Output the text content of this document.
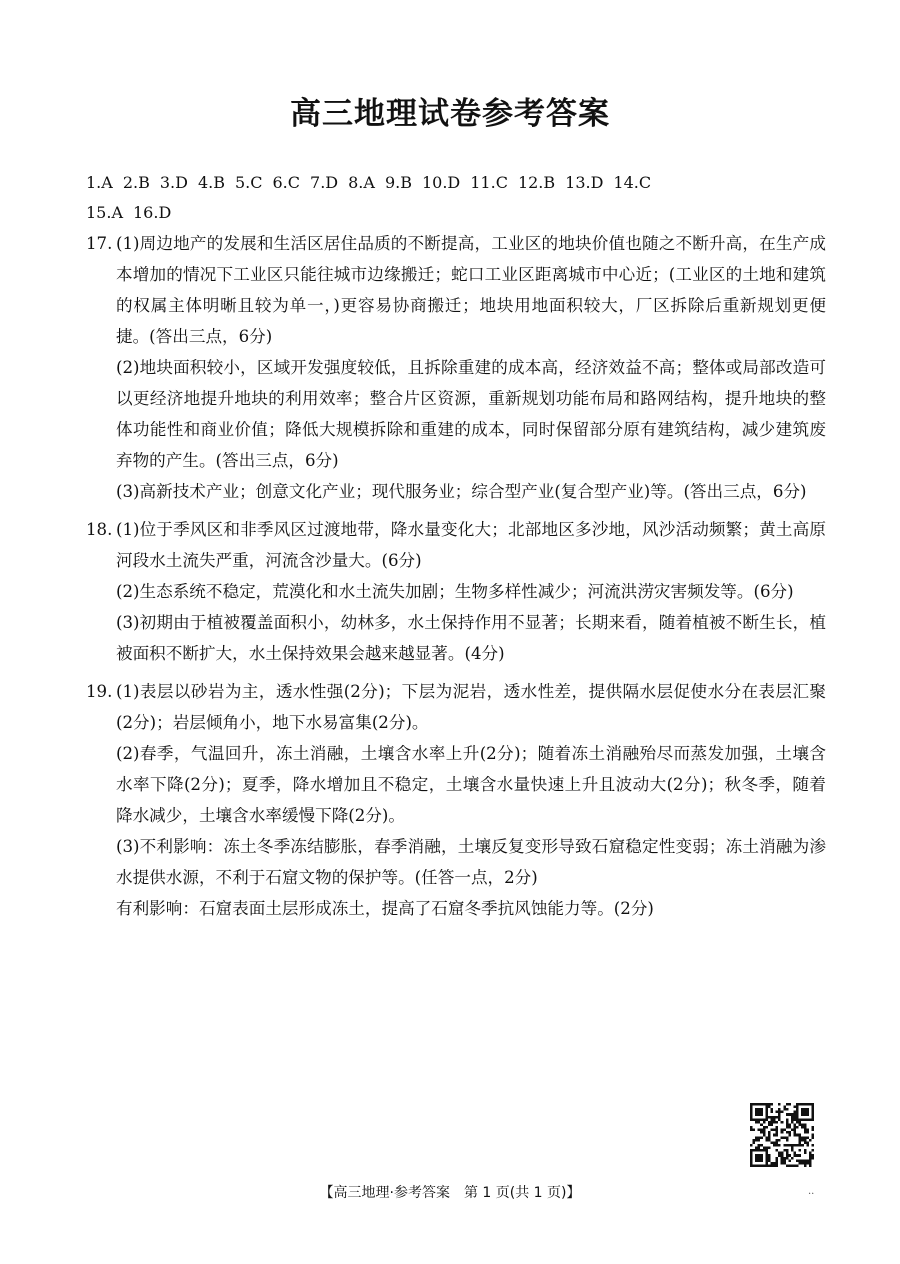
高三地理试卷参考答案
1.A 2.B 3.D 4.B 5.C 6.C 7.D 8.A 9.B 10.D 11.C 12.B 13.D 14.C
15.A 16.D
17. (1)周边地产的发展和生活区居住品质的不断提高，工业区的地块价值也随之不断升高，在生产成本增加的情况下工业区只能往城市边缘搬迁；蛇口工业区距离城市中心近；(工业区的土地和建筑的权属主体明晰且较为单一，)更容易协商搬迁；地块用地面积较大，厂区拆除后重新规划更便捷。(答出三点，6分)
(2)地块面积较小，区域开发强度较低，且拆除重建的成本高，经济效益不高；整体或局部改造可以更经济地提升地块的利用效率；整合片区资源，重新规划功能布局和路网结构，提升地块的整体功能性和商业价值；降低大规模拆除和重建的成本，同时保留部分原有建筑结构，减少建筑废弃物的产生。(答出三点，6分)
(3)高新技术产业；创意文化产业；现代服务业；综合型产业(复合型产业)等。(答出三点，6分)
18. (1)位于季风区和非季风区过渡地带，降水量变化大；北部地区多沙地，风沙活动频繁；黄土高原河段水土流失严重，河流含沙量大。(6分)
(2)生态系统不稳定，荒漠化和水土流失加剧；生物多样性减少；河流洪涝灾害频发等。(6分)
(3)初期由于植被覆盖面积小，幼林多，水土保持作用不显著；长期来看，随着植被不断生长，植被面积不断扩大，水土保持效果会越来越显著。(4分)
19. (1)表层以砂岩为主，透水性强(2分)；下层为泥岩，透水性差，提供隔水层促使水分在表层汇聚(2分)；岩层倾角小，地下水易富集(2分)。
(2)春季，气温回升，冻土消融，土壤含水率上升(2分)；随着冻土消融殆尽而蒸发加强，土壤含水率下降(2分)；夏季，降水增加且不稳定，土壤含水量快速上升且波动大(2分)；秋冬季，随着降水减少，土壤含水率缓慢下降(2分)。
(3)不利影响：冻土冬季冻结膨胀，春季消融，土壤反复变形导致石窟稳定性变弱；冻土消融为渗水提供水源，不利于石窟文物的保护等。(任答一点，2分)
有利影响：石窟表面土层形成冻土，提高了石窟冬季抗风蚀能力等。(2分)
【高三地理·参考答案　第 1 页(共 1 页)】	..
